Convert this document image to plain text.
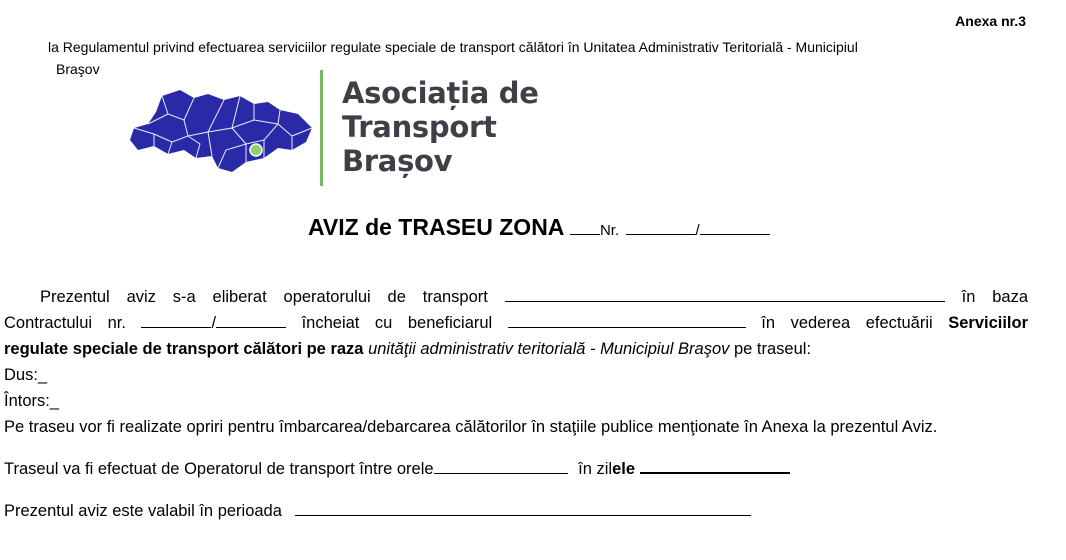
Anexa nr.3
la Regulamentul privind efectuarea serviciilor regulate speciale de transport călători în Unitatea Administrativ Teritorială - Municipiul
Braşov
Asociația de
Transport
Brașov
AVIZ de TRASEU ZONA Nr.	/
Prezentul aviz s-a eliberat operatorului de transport	în baza
Contractului nr.	/	încheiat cu beneficiarul	în vederea efectuării Serviciilor
regulate speciale de transport călători pe raza unităţii administrativ teritorială - Municipiul Braşov pe traseul:
Dus:_
Întors:_
Pe traseu vor fi realizate opriri pentru îmbarcarea/debarcarea călătorilor în staţiile publice menţionate în Anexa la prezentul Aviz.
Traseul va fi efectuat de Operatorul de transport între orele	în zilele
Prezentul aviz este valabil în perioada
